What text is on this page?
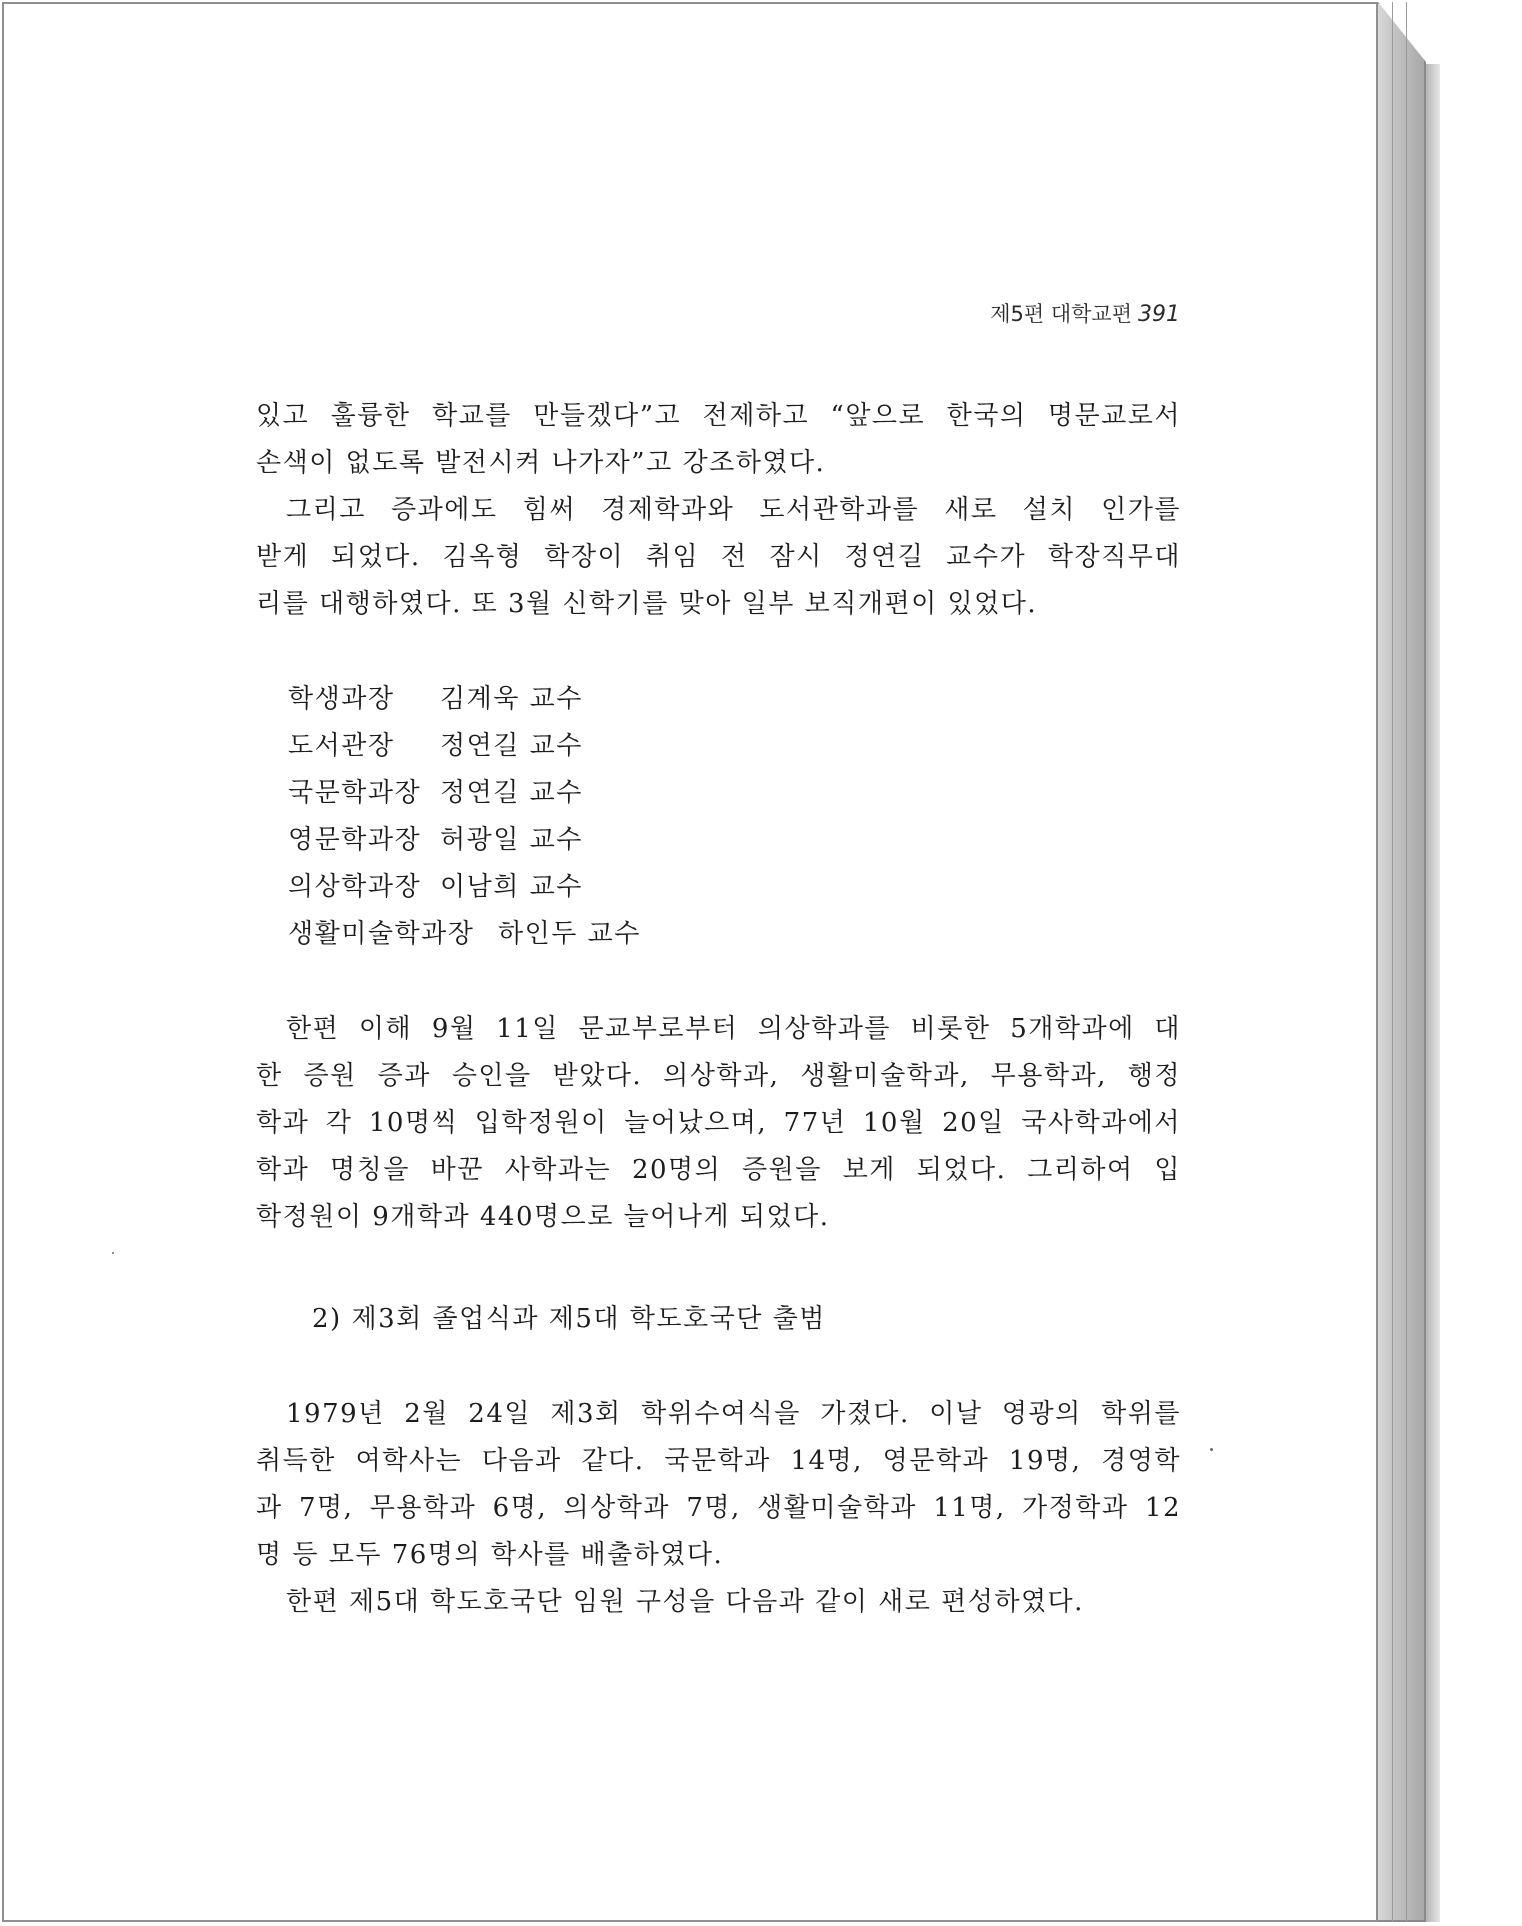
제5편 대학교편 391
있고 훌륭한 학교를 만들겠다”고 전제하고 “앞으로 한국의 명문교로서
손색이 없도록 발전시켜 나가자”고 강조하였다.
그리고 증과에도 힘써 경제학과와 도서관학과를 새로 설치 인가를
받게 되었다. 김옥형 학장이 취임 전 잠시 정연길 교수가 학장직무대
리를 대행하였다. 또 3월 신학기를 맞아 일부 보직개편이 있었다.
학생과장	김계욱 교수
도서관장	정연길 교수
국문학과장 정연길 교수
영문학과장 허광일 교수
의상학과장 이남희 교수
생활미술학과장 하인두 교수
한편 이해 9월 11일 문교부로부터 의상학과를 비롯한 5개학과에 대
한 증원 증과 승인을 받았다. 의상학과, 생활미술학과, 무용학과, 행정
학과 각 10명씩 입학정원이 늘어났으며, 77년 10월 20일 국사학과에서
학과 명칭을 바꾼 사학과는 20명의 증원을 보게 되었다. 그리하여 입
학정원이 9개학과 440명으로 늘어나게 되었다.
2) 제3회 졸업식과 제5대 학도호국단 출범
1979년 2월 24일 제3회 학위수여식을 가졌다. 이날 영광의 학위를
취득한 여학사는 다음과 같다. 국문학과 14명, 영문학과 19명, 경영학
과 7명, 무용학과 6명, 의상학과 7명, 생활미술학과 11명, 가정학과 12
명 등 모두 76명의 학사를 배출하였다.
한편 제5대 학도호국단 임원 구성을 다음과 같이 새로 편성하였다.
